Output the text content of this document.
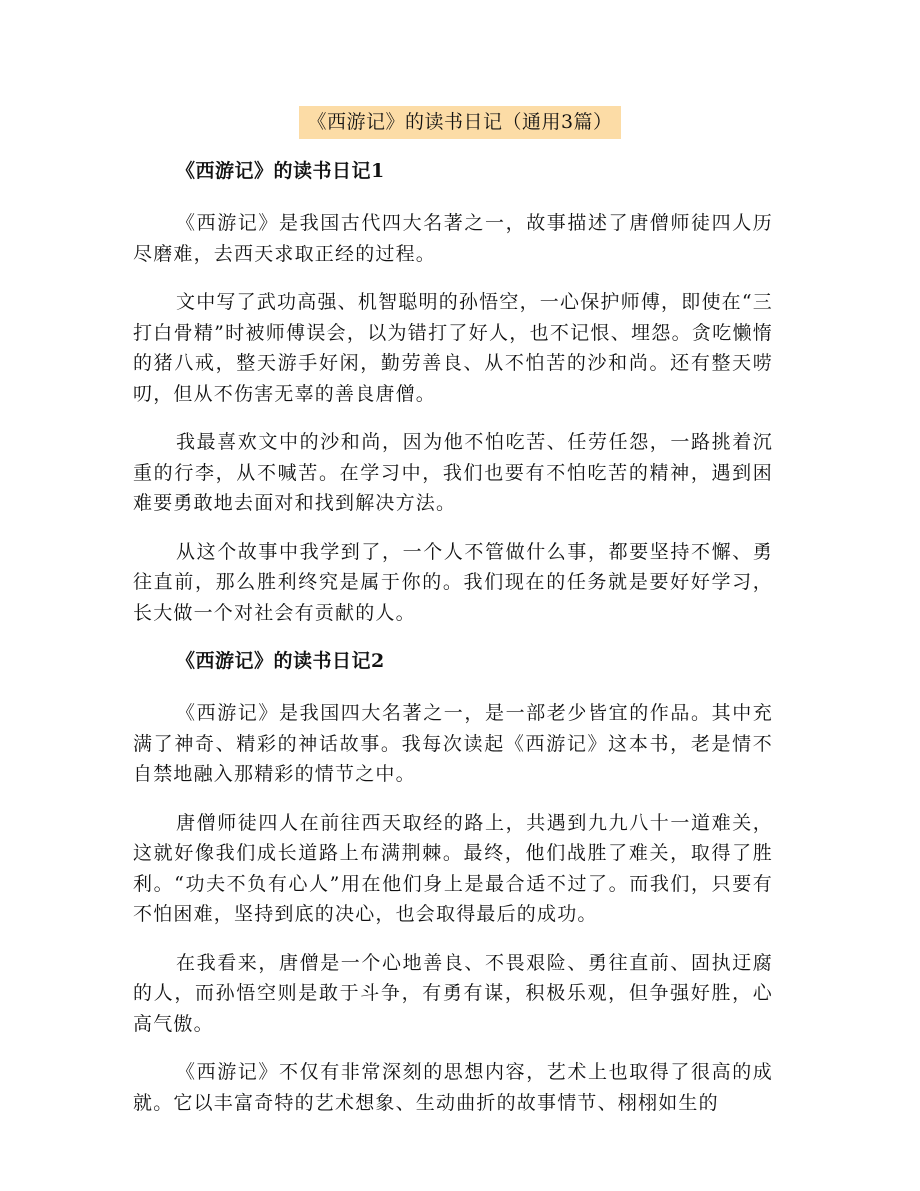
《西游记》的读书日记（通用3篇）
《西游记》的读书日记1

《西游记》是我国古代四大名著之一，故事描述了唐僧师徒四人历尽磨难，去西天求取正经的过程。

文中写了武功高强、机智聪明的孙悟空，一心保护师傅，即使在“三打白骨精”时被师傅误会，以为错打了好人，也不记恨、埋怨。贪吃懒惰的猪八戒，整天游手好闲，勤劳善良、从不怕苦的沙和尚。还有整天唠叨，但从不伤害无辜的善良唐僧。

我最喜欢文中的沙和尚，因为他不怕吃苦、任劳任怨，一路挑着沉重的行李，从不喊苦。在学习中，我们也要有不怕吃苦的精神，遇到困难要勇敢地去面对和找到解决方法。

从这个故事中我学到了，一个人不管做什么事，都要坚持不懈、勇往直前，那么胜利终究是属于你的。我们现在的任务就是要好好学习，长大做一个对社会有贡献的人。

《西游记》的读书日记2

《西游记》是我国四大名著之一，是一部老少皆宜的作品。其中充满了神奇、精彩的神话故事。我每次读起《西游记》这本书，老是情不自禁地融入那精彩的情节之中。

唐僧师徒四人在前往西天取经的路上，共遇到九九八十一道难关，这就好像我们成长道路上布满荆棘。最终，他们战胜了难关，取得了胜利。“功夫不负有心人”用在他们身上是最合适不过了。而我们，只要有不怕困难，坚持到底的决心，也会取得最后的成功。

在我看来，唐僧是一个心地善良、不畏艰险、勇往直前、固执迂腐的人，而孙悟空则是敢于斗争，有勇有谋，积极乐观，但争强好胜，心高气傲。

《西游记》不仅有非常深刻的思想内容，艺术上也取得了很高的成就。它以丰富奇特的艺术想象、生动曲折的故事情节、栩栩如生的
